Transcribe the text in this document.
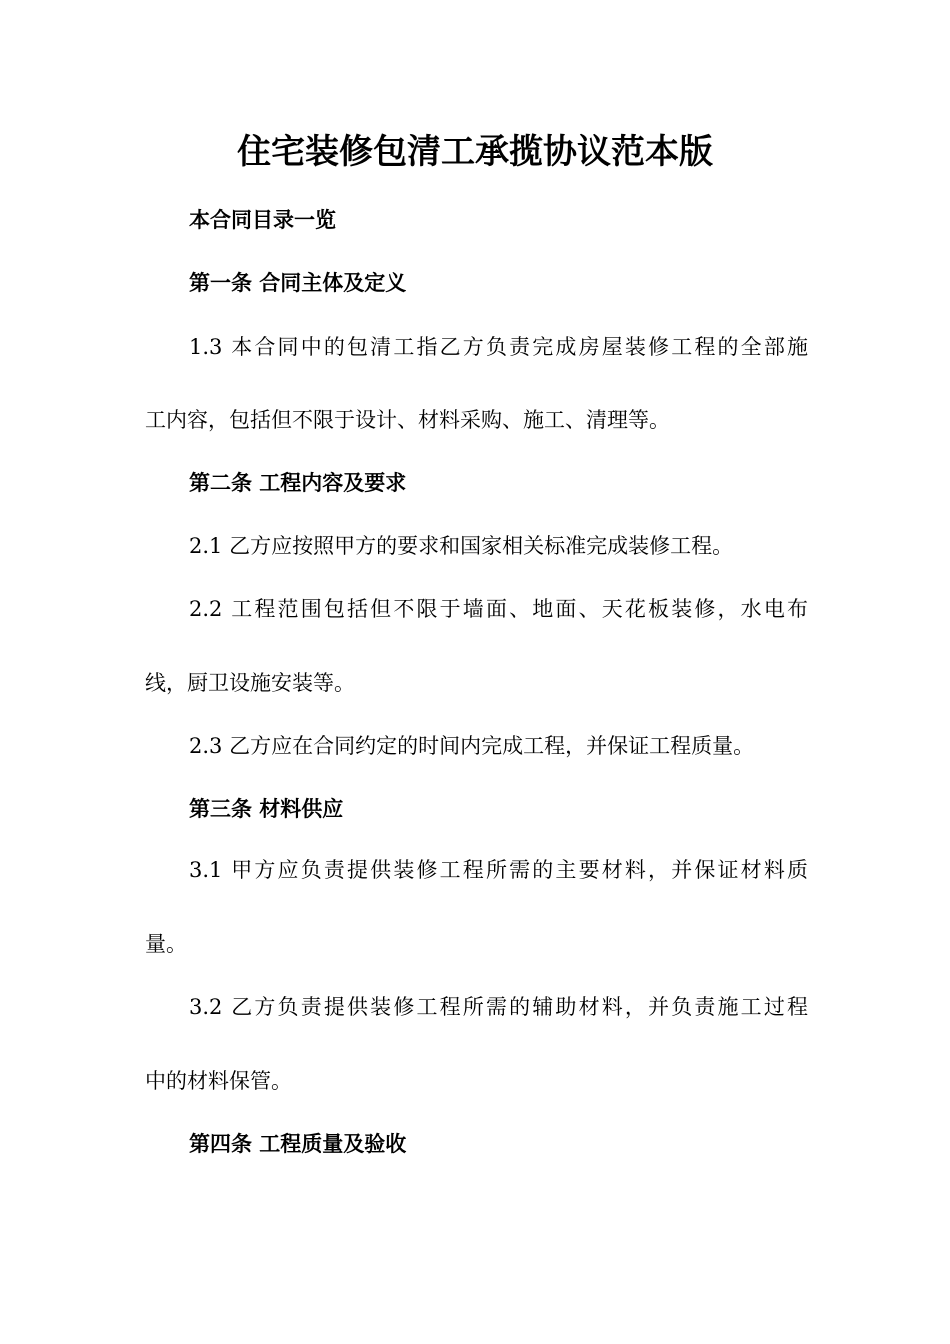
住宅装修包清工承揽协议范本版
本合同目录一览
第一条 合同主体及定义
1.3 本合同中的包清工指乙方负责完成房屋装修工程的全部施
工内容，包括但不限于设计、材料采购、施工、清理等。
第二条 工程内容及要求
2.1 乙方应按照甲方的要求和国家相关标准完成装修工程。
2.2 工程范围包括但不限于墙面、地面、天花板装修，水电布
线，厨卫设施安装等。
2.3 乙方应在合同约定的时间内完成工程，并保证工程质量。
第三条 材料供应
3.1 甲方应负责提供装修工程所需的主要材料，并保证材料质
量。
3.2 乙方负责提供装修工程所需的辅助材料，并负责施工过程
中的材料保管。
第四条 工程质量及验收
